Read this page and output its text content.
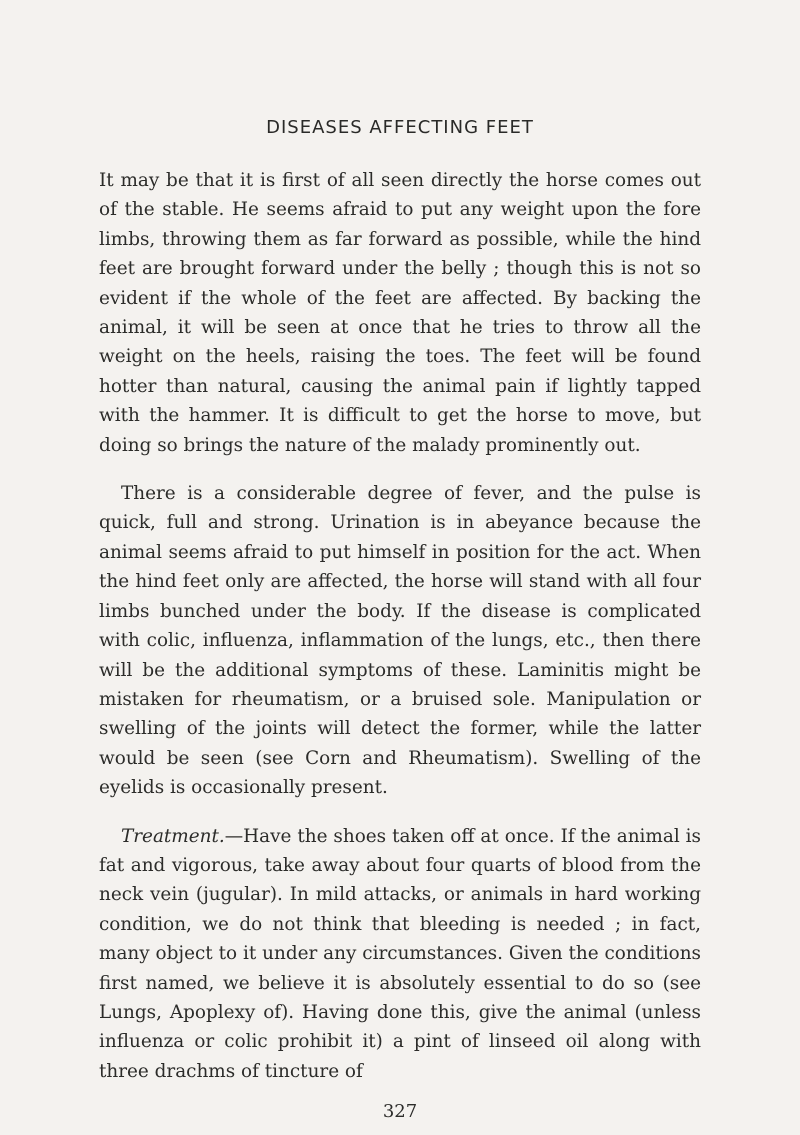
DISEASES AFFECTING FEET

It may be that it is first of all seen directly the horse comes out of the stable. He seems afraid to put any weight upon the fore limbs, throwing them as far forward as possible, while the hind feet are brought forward under the belly ; though this is not so evident if the whole of the feet are affected. By backing the animal, it will be seen at once that he tries to throw all the weight on the heels, raising the toes. The feet will be found hotter than natural, causing the animal pain if lightly tapped with the hammer. It is difficult to get the horse to move, but doing so brings the nature of the malady prominently out.

There is a considerable degree of fever, and the pulse is quick, full and strong. Urination is in abeyance because the animal seems afraid to put himself in position for the act. When the hind feet only are affected, the horse will stand with all four limbs bunched under the body. If the disease is complicated with colic, influenza, inflammation of the lungs, etc., then there will be the additional symptoms of these. Laminitis might be mistaken for rheumatism, or a bruised sole. Manipulation or swelling of the joints will detect the former, while the latter would be seen (see Corn and Rheumatism). Swelling of the eyelids is occasionally present.

Treatment.—Have the shoes taken off at once. If the animal is fat and vigorous, take away about four quarts of blood from the neck vein (jugular). In mild attacks, or animals in hard working condition, we do not think that bleeding is needed ; in fact, many object to it under any circumstances. Given the conditions first named, we believe it is absolutely essential to do so (see Lungs, Apoplexy of). Having done this, give the animal (unless influenza or colic prohibit it) a pint of linseed oil along with three drachms of tincture of

327
